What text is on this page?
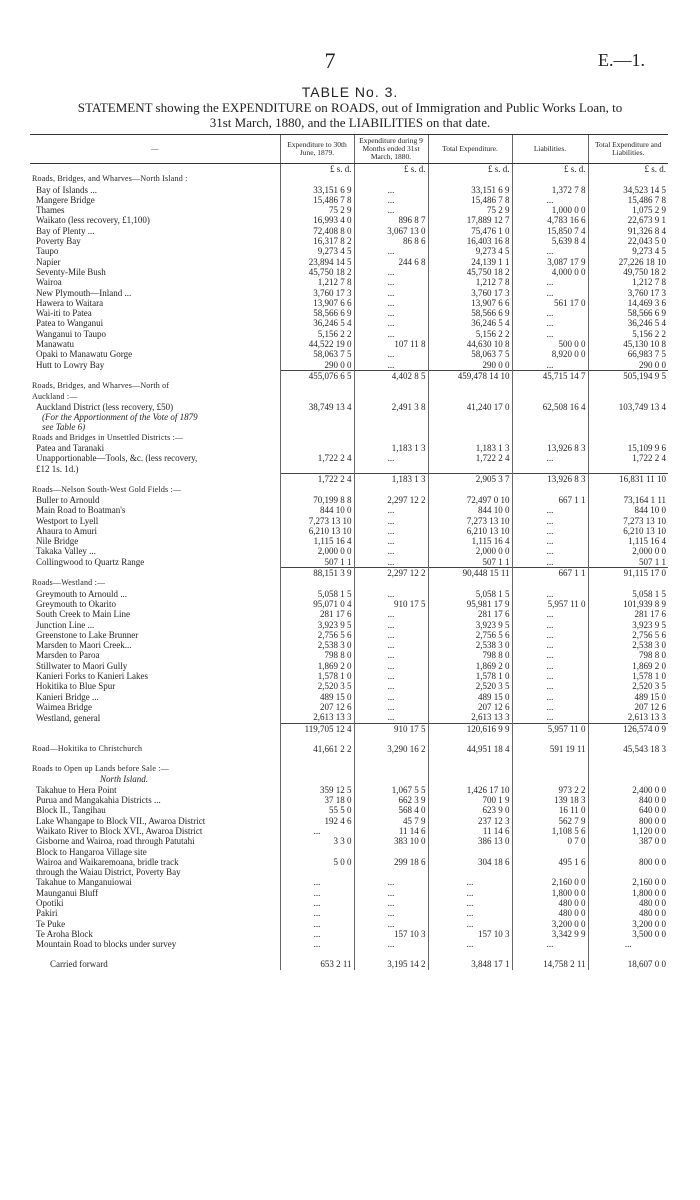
7	E.—1.
TABLE No. 3.
STATEMENT showing the EXPENDITURE on ROADS, out of Immigration and Public Works Loan, to
31st March, 1880, and the LIABILITIES on that date.
—	Expenditure to 30th June, 1879.	Expenditure during 9 Months ended 31st March, 1880.	Total Expenditure.	Liabilities.	Total Expenditure and Liabilities.
	£ s. d.	£ s. d.	£ s. d.	£ s. d.	£ s. d.
Roads, Bridges, and Wharves—North Island :					
Bay of Islands ...	33,151 6 9	...	33,151 6 9	1,372 7 8	34,523 14 5
Mangere Bridge	15,486 7 8	...	15,486 7 8	...	15,486 7 8
Thames	75 2 9	...	75 2 9	1,000 0 0	1,075 2 9
Waikato (less recovery, £1,100)	16,993 4 0	896 8 7	17,889 12 7	4,783 16 6	22,673 9 1
Bay of Plenty ...	72,408 8 0	3,067 13 0	75,476 1 0	15,850 7 4	91,326 8 4
Poverty Bay	16,317 8 2	86 8 6	16,403 16 8	5,639 8 4	22,043 5 0
Taupo	9,273 4 5	...	9,273 4 5	...	9,273 4 5
Napier	23,894 14 5	244 6 8	24,139 1 1	3,087 17 9	27,226 18 10
Seventy-Mile Bush	45,750 18 2	...	45,750 18 2	4,000 0 0	49,750 18 2
Wairoa	1,212 7 8	...	1,212 7 8	...	1,212 7 8
New Plymouth—Inland ...	3,760 17 3	...	3,760 17 3	...	3,760 17 3
Hawera to Waitara	13,907 6 6	...	13,907 6 6	561 17 0	14,469 3 6
Wai-iti to Patea	58,566 6 9	...	58,566 6 9	...	58,566 6 9
Patea to Wanganui	36,246 5 4	...	36,246 5 4	...	36,246 5 4
Wanganui to Taupo	5,156 2 2	...	5,156 2 2	...	5,156 2 2
Manawatu	44,522 19 0	107 11 8	44,630 10 8	500 0 0	45,130 10 8
Opaki to Manawatu Gorge	58,063 7 5	...	58,063 7 5	8,920 0 0	66,983 7 5
Hutt to Lowry Bay	290 0 0	...	290 0 0	...	290 0 0
	455,076 6 5	4,402 8 5	459,478 14 10	45,715 14 7	505,194 9 5
Roads, Bridges, and Wharves—North of					
Auckland :—					
Auckland District (less recovery, £50)	38,749 13 4	2,491 3 8	41,240 17 0	62,508 16 4	103,749 13 4
(For the Apportionment of the Vote of 1879					
see Table 6)					
Roads and Bridges in Unsettled Districts :—					
Patea and Taranaki		1,183 1 3	1,183 1 3	13,926 8 3	15,109 9 6
Unapportionable—Tools, &c. (less recovery,	1,722 2 4	...	1,722 2 4	...	1,722 2 4
£12 1s. 1d.)					
	1,722 2 4	1,183 1 3	2,905 3 7	13,926 8 3	16,831 11 10
Roads—Nelson South-West Gold Fields :—					
Buller to Arnould	70,199 8 8	2,297 12 2	72,497 0 10	667 1 1	73,164 1 11
Main Road to Boatman's	844 10 0	...	844 10 0	...	844 10 0
Westport to Lyell	7,273 13 10	...	7,273 13 10	...	7,273 13 10
Ahaura to Amuri	6,210 13 10	...	6,210 13 10	...	6,210 13 10
Nile Bridge	1,115 16 4	...	1,115 16 4	...	1,115 16 4
Takaka Valley ...	2,000 0 0	...	2,000 0 0	...	2,000 0 0
Collingwood to Quartz Range	507 1 1	...	507 1 1	...	507 1 1
	88,151 3 9	2,297 12 2	90,448 15 11	667 1 1	91,115 17 0
Roads—Westland :—					
Greymouth to Arnould ...	5,058 1 5	...	5,058 1 5	...	5,058 1 5
Greymouth to Okarito	95,071 0 4	910 17 5	95,981 17 9	5,957 11 0	101,939 8 9
South Creek to Main Line	281 17 6	...	281 17 6	...	281 17 6
Junction Line ...	3,923 9 5	...	3,923 9 5	...	3,923 9 5
Greenstone to Lake Brunner	2,756 5 6	...	2,756 5 6	...	2,756 5 6
Marsden to Maori Creek...	2,538 3 0	...	2,538 3 0	...	2,538 3 0
Marsden to Paroa	798 8 0	...	798 8 0	...	798 8 0
Stillwater to Maori Gully	1,869 2 0	...	1,869 2 0	...	1,869 2 0
Kanieri Forks to Kanieri Lakes	1,578 1 0	...	1,578 1 0	...	1,578 1 0
Hokitika to Blue Spur	2,520 3 5	...	2,520 3 5	...	2,520 3 5
Kanieri Bridge ...	489 15 0	...	489 15 0	...	489 15 0
Waimea Bridge	207 12 6	...	207 12 6	...	207 12 6
Westland, general	2,613 13 3	...	2,613 13 3	...	2,613 13 3
	119,705 12 4	910 17 5	120,616 9 9	5,957 11 0	126,574 0 9

Road—Hokitika to Christchurch	41,661 2 2	3,290 16 2	44,951 18 4	591 19 11	45,543 18 3

Roads to Open up Lands before Sale :—					
North Island.					
Takahue to Hera Point	359 12 5	1,067 5 5	1,426 17 10	973 2 2	2,400 0 0
Purua and Mangakahia Districts ...	37 18 0	662 3 9	700 1 9	139 18 3	840 0 0
Block II., Tangihau	55 5 0	568 4 0	623 9 0	16 11 0	640 0 0
Lake Whangape to Block VII., Awaroa District	192 4 6	45 7 9	237 12 3	562 7 9	800 0 0
Waikato River to Block XVI., Awaroa District	...	11 14 6	11 14 6	1,108 5 6	1,120 0 0
Gisborne and Wairoa, road through Patutahi	3 3 0	383 10 0	386 13 0	0 7 0	387 0 0
Block to Hangaroa Village site					
Wairoa and Waikaremoana, bridle track	5 0 0	299 18 6	304 18 6	495 1 6	800 0 0
through the Waiau District, Poverty Bay					
Takahue to Manganuiowai	...	...	...	2,160 0 0	2,160 0 0
Maunganui Bluff	...	...	...	1,800 0 0	1,800 0 0
Opotiki	...	...	...	480 0 0	480 0 0
Pakiri	...	...	...	480 0 0	480 0 0
Te Puke	...	...	...	3,200 0 0	3,200 0 0
Te Aroha Block	...	157 10 3	157 10 3	3,342 9 9	3,500 0 0
Mountain Road to blocks under survey	...	...	...	...	...

Carried forward	653 2 11	3,195 14 2	3,848 17 1	14,758 2 11	18,607 0 0
